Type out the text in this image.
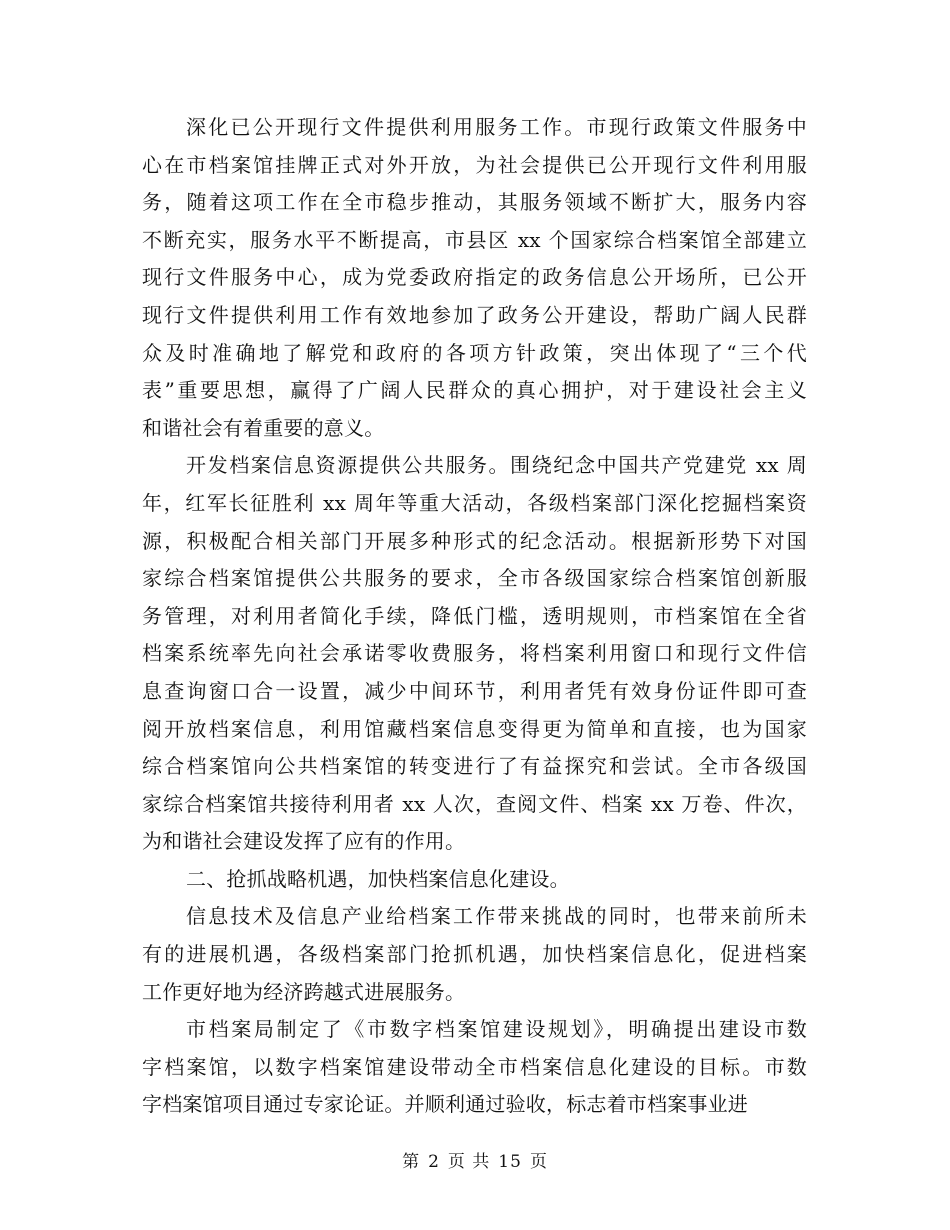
深化已公开现行文件提供利用服务工作。市现行政策文件服务中
心在市档案馆挂牌正式对外开放，为社会提供已公开现行文件利用服
务，随着这项工作在全市稳步推动，其服务领域不断扩大，服务内容
不断充实，服务水平不断提高，市县区 xx 个国家综合档案馆全部建立
现行文件服务中心，成为党委政府指定的政务信息公开场所，已公开
现行文件提供利用工作有效地参加了政务公开建设，帮助广阔人民群
众及时准确地了解党和政府的各项方针政策，突出体现了“三个代
表”重要思想，赢得了广阔人民群众的真心拥护，对于建设社会主义
和谐社会有着重要的意义。
开发档案信息资源提供公共服务。围绕纪念中国共产党建党 xx 周
年，红军长征胜利 xx 周年等重大活动，各级档案部门深化挖掘档案资
源，积极配合相关部门开展多种形式的纪念活动。根据新形势下对国
家综合档案馆提供公共服务的要求，全市各级国家综合档案馆创新服
务管理，对利用者简化手续，降低门槛，透明规则，市档案馆在全省
档案系统率先向社会承诺零收费服务，将档案利用窗口和现行文件信
息查询窗口合一设置，减少中间环节，利用者凭有效身份证件即可查
阅开放档案信息，利用馆藏档案信息变得更为简单和直接，也为国家
综合档案馆向公共档案馆的转变进行了有益探究和尝试。全市各级国
家综合档案馆共接待利用者 xx 人次，查阅文件、档案 xx 万卷、件次，
为和谐社会建设发挥了应有的作用。
二、抢抓战略机遇，加快档案信息化建设。
信息技术及信息产业给档案工作带来挑战的同时，也带来前所未
有的进展机遇，各级档案部门抢抓机遇，加快档案信息化，促进档案
工作更好地为经济跨越式进展服务。
市档案局制定了《市数字档案馆建设规划》，明确提出建设市数
字档案馆，以数字档案馆建设带动全市档案信息化建设的目标。市数
字档案馆项目通过专家论证。并顺利通过验收，标志着市档案事业进
第 2 页 共 15 页
